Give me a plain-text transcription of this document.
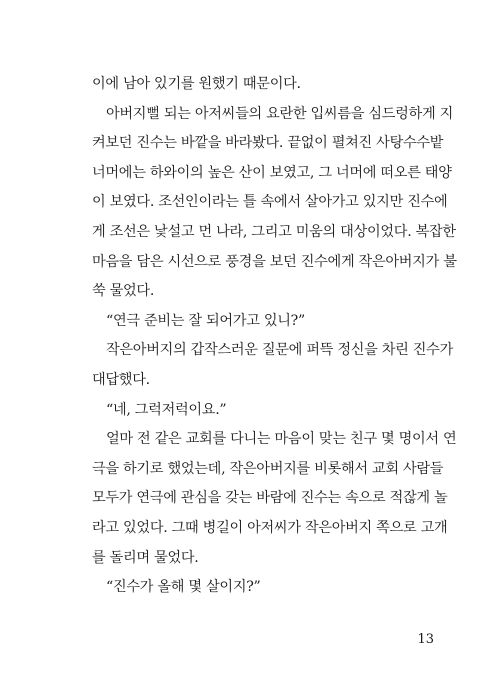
이에 남아 있기를 원했기 때문이다.
아버지뻘 되는 아저씨들의 요란한 입씨름을 심드렁하게 지
켜보던 진수는 바깥을 바라봤다. 끝없이 펼쳐진 사탕수수밭
너머에는 하와이의 높은 산이 보였고, 그 너머에 떠오른 태양
이 보였다. 조선인이라는 틀 속에서 살아가고 있지만 진수에
게 조선은 낯설고 먼 나라, 그리고 미움의 대상이었다. 복잡한
마음을 담은 시선으로 풍경을 보던 진수에게 작은아버지가 불
쑥 물었다.
“연극 준비는 잘 되어가고 있니?”
작은아버지의 갑작스러운 질문에 퍼뜩 정신을 차린 진수가
대답했다.
“네, 그럭저럭이요.”
얼마 전 같은 교회를 다니는 마음이 맞는 친구 몇 명이서 연
극을 하기로 했었는데, 작은아버지를 비롯해서 교회 사람들
모두가 연극에 관심을 갖는 바람에 진수는 속으로 적잖게 놀
라고 있었다. 그때 병길이 아저씨가 작은아버지 쪽으로 고개
를 돌리며 물었다.
“진수가 올해 몇 살이지?”
13
